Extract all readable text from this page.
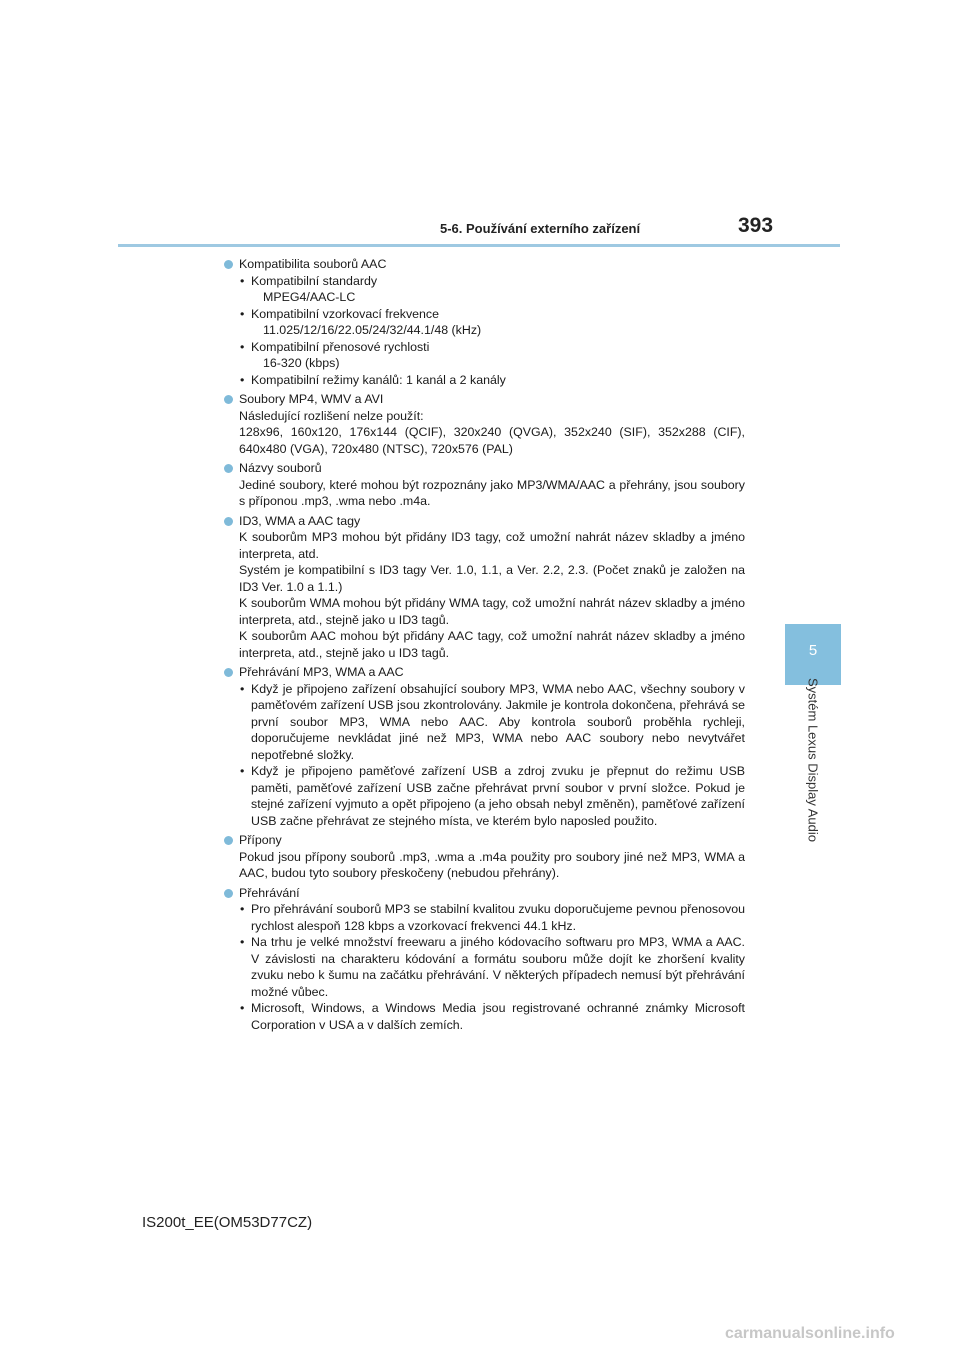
5-6. Používání externího zařízení	393
5
Systém Lexus Display Audio
Kompatibilita souborů AAC
• Kompatibilní standardy
MPEG4/AAC-LC
• Kompatibilní vzorkovací frekvence
11.025/12/16/22.05/24/32/44.1/48 (kHz)
• Kompatibilní přenosové rychlosti
16-320 (kbps)
• Kompatibilní režimy kanálů: 1 kanál a 2 kanály
Soubory MP4, WMV a AVI
Následující rozlišení nelze použít:
128x96, 160x120, 176x144 (QCIF), 320x240 (QVGA), 352x240 (SIF), 352x288 (CIF), 640x480 (VGA), 720x480 (NTSC), 720x576 (PAL)
Názvy souborů
Jediné soubory, které mohou být rozpoznány jako MP3/WMA/AAC a přehrány, jsou soubory s příponou .mp3, .wma nebo .m4a.
ID3, WMA a AAC tagy
K souborům MP3 mohou být přidány ID3 tagy, což umožní nahrát název skladby a jméno interpreta, atd.
Systém je kompatibilní s ID3 tagy Ver. 1.0, 1.1, a Ver. 2.2, 2.3. (Počet znaků je založen na ID3 Ver. 1.0 a 1.1.)
K souborům WMA mohou být přidány WMA tagy, což umožní nahrát název skladby a jméno interpreta, atd., stejně jako u ID3 tagů.
K souborům AAC mohou být přidány AAC tagy, což umožní nahrát název skladby a jméno interpreta, atd., stejně jako u ID3 tagů.
Přehrávání MP3, WMA a AAC
• Když je připojeno zařízení obsahující soubory MP3, WMA nebo AAC, všechny soubory v paměťovém zařízení USB jsou zkontrolovány. Jakmile je kontrola dokončena, přehrává se první soubor MP3, WMA nebo AAC. Aby kontrola souborů proběhla rychleji, doporučujeme nevkládat jiné než MP3, WMA nebo AAC soubory nebo nevytvářet nepotřebné složky.
• Když je připojeno paměťové zařízení USB a zdroj zvuku je přepnut do režimu USB paměti, paměťové zařízení USB začne přehrávat první soubor v první složce. Pokud je stejné zařízení vyjmuto a opět připojeno (a jeho obsah nebyl změněn), paměťové zařízení USB začne přehrávat ze stejného místa, ve kterém bylo naposled použito.
Přípony
Pokud jsou přípony souborů .mp3, .wma a .m4a použity pro soubory jiné než MP3, WMA a AAC, budou tyto soubory přeskočeny (nebudou přehrány).
Přehrávání
• Pro přehrávání souborů MP3 se stabilní kvalitou zvuku doporučujeme pevnou přenosovou rychlost alespoň 128 kbps a vzorkovací frekvenci 44.1 kHz.
• Na trhu je velké množství freewaru a jiného kódovacího softwaru pro MP3, WMA a AAC. V závislosti na charakteru kódování a formátu souboru může dojít ke zhoršení kvality zvuku nebo k šumu na začátku přehrávání. V některých případech nemusí být přehrávání možné vůbec.
• Microsoft, Windows, a Windows Media jsou registrované ochranné známky Microsoft Corporation v USA a v dalších zemích.
IS200t_EE(OM53D77CZ)
carmanualsonline.info
